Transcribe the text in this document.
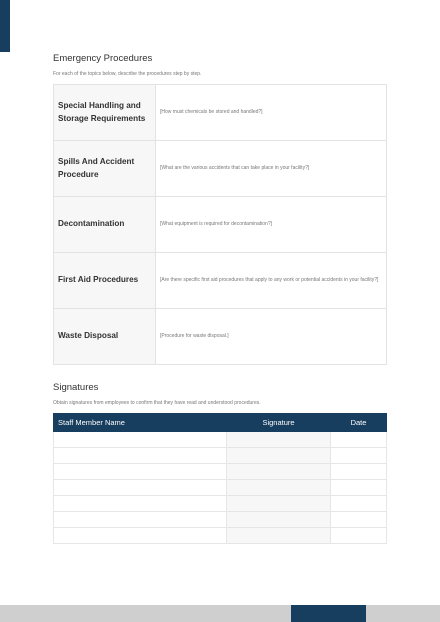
Emergency Procedures
For each of the topics below, describe the procedures step by step.
Special Handling and Storage Requirements	[How must chemicals be stored and handled?]
Spills And Accident Procedure	[What are the various accidents that can take place in your facility?]
Decontamination	[What equipment is required for decontamination?]
First Aid Procedures	[Are there specific first aid procedures that apply to any work or potential accidents in your facility?]
Waste Disposal	[Procedure for waste disposal.]
Signatures
Obtain signatures from employees to confirm that they have read and understood procedures.
Staff Member Name	Signature	Date
